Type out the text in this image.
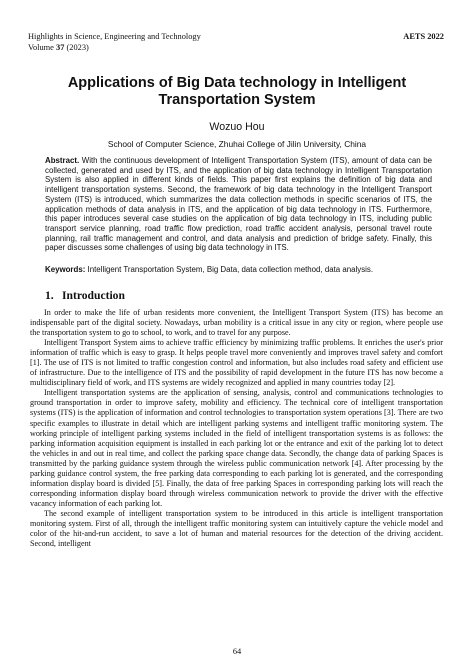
Highlights in Science, Engineering and Technology
Volume 37 (2023)
AETS 2022
Applications of Big Data technology in Intelligent Transportation System
Wozuo Hou
School of Computer Science, Zhuhai College of Jilin University, China

Abstract. With the continuous development of Intelligent Transportation System (ITS), amount of data can be collected, generated and used by ITS, and the application of big data technology in Intelligent Transportation System is also applied in different kinds of fields. This paper first explains the definition of big data and intelligent transportation systems. Second, the framework of big data technology in the Intelligent Transport System (ITS) is introduced, which summarizes the data collection methods in specific scenarios of ITS, the application methods of data analysis in ITS, and the application of big data technology in ITS. Furthermore, this paper introduces several case studies on the application of big data technology in ITS, including public transport service planning, road traffic flow prediction, road traffic accident analysis, personal travel route planning, rail traffic management and control, and data analysis and prediction of bridge safety. Finally, this paper discusses some challenges of using big data technology in ITS.

Keywords: Intelligent Transportation System, Big Data, data collection method, data analysis.

1. Introduction

In order to make the life of urban residents more convenient, the Intelligent Transport System (ITS) has become an indispensable part of the digital society. Nowadays, urban mobility is a critical issue in any city or region, where people use the transportation system to go to school, to work, and to travel for any purpose.

Intelligent Transport System aims to achieve traffic efficiency by minimizing traffic problems. It enriches the user's prior information of traffic which is easy to grasp. It helps people travel more conveniently and improves travel safety and comfort [1]. The use of ITS is not limited to traffic congestion control and information, but also includes road safety and efficient use of infrastructure. Due to the intelligence of ITS and the possibility of rapid development in the future ITS has now become a multidisciplinary field of work, and ITS systems are widely recognized and applied in many countries today [2].

Intelligent transportation systems are the application of sensing, analysis, control and communications technologies to ground transportation in order to improve safety, mobility and efficiency. The technical core of intelligent transportation systems (ITS) is the application of information and control technologies to transportation system operations [3]. There are two specific examples to illustrate in detail which are intelligent parking systems and intelligent traffic monitoring system. The working principle of intelligent parking systems included in the field of intelligent transportation systems is as follows: the parking information acquisition equipment is installed in each parking lot or the entrance and exit of the parking lot to detect the vehicles in and out in real time, and collect the parking space change data. Secondly, the change data of parking Spaces is transmitted by the parking guidance system through the wireless public communication network [4]. After processing by the parking guidance control system, the free parking data corresponding to each parking lot is generated, and the corresponding information display board is divided [5]. Finally, the data of free parking Spaces in corresponding parking lots will reach the corresponding information display board through wireless communication network to provide the driver with the effective vacancy information of each parking lot.

The second example of intelligent transportation system to be introduced in this article is intelligent transportation monitoring system. First of all, through the intelligent traffic monitoring system can intuitively capture the vehicle model and color of the hit-and-run accident, to save a lot of human and material resources for the detection of the driving accident. Second, intelligent

64
